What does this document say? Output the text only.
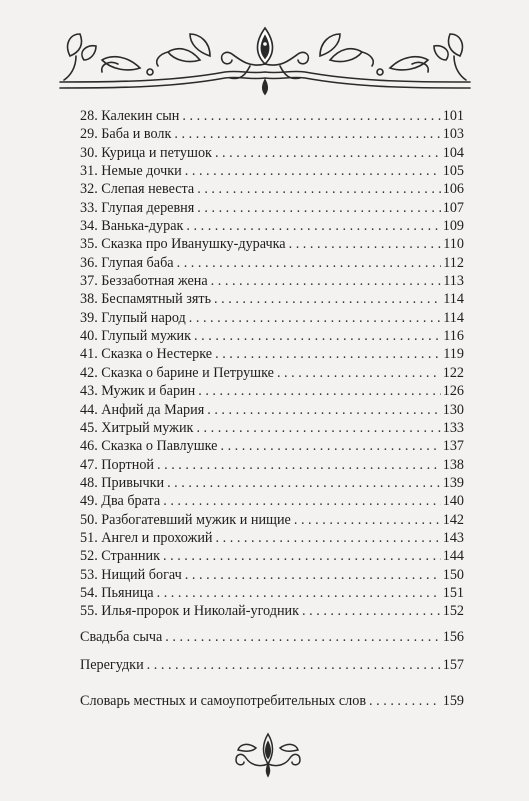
28. Калекин сын . . .	101
29. Баба и волк . . .	103
30. Курица и петушок . . .	104
31. Немые дочки . . .	105
32. Слепая невеста . . .	106
33. Глупая деревня . . .	107
34. Ванька-дурак . . .	109
35. Сказка про Иванушку-дурачка . . .	110
36. Глупая баба . . .	112
37. Беззаботная жена . . .	113
38. Беспамятный зять . . .	114
39. Глупый народ . . .	114
40. Глупый мужик . . .	116
41. Сказка о Нестерке . . .	119
42. Сказка о барине и Петрушке . . .	122
43. Мужик и барин . . .	126
44. Анфий да Мария . . .	130
45. Хитрый мужик . . .	133
46. Сказка о Павлушке . . .	137
47. Портной . . .	138
48. Привычки . . .	139
49. Два брата . . .	140
50. Разбогатевший мужик и нищие . . .	142
51. Ангел и прохожий . . .	143
52. Странник . . .	144
53. Нищий богач . . .	150
54. Пьяница . . .	151
55. Илья-пророк и Николай-угодник . . .	152
Свадьба сыча . . .	156
Перегудки . . .	157
Словарь местных и самоупотребительных слов . . .	159
